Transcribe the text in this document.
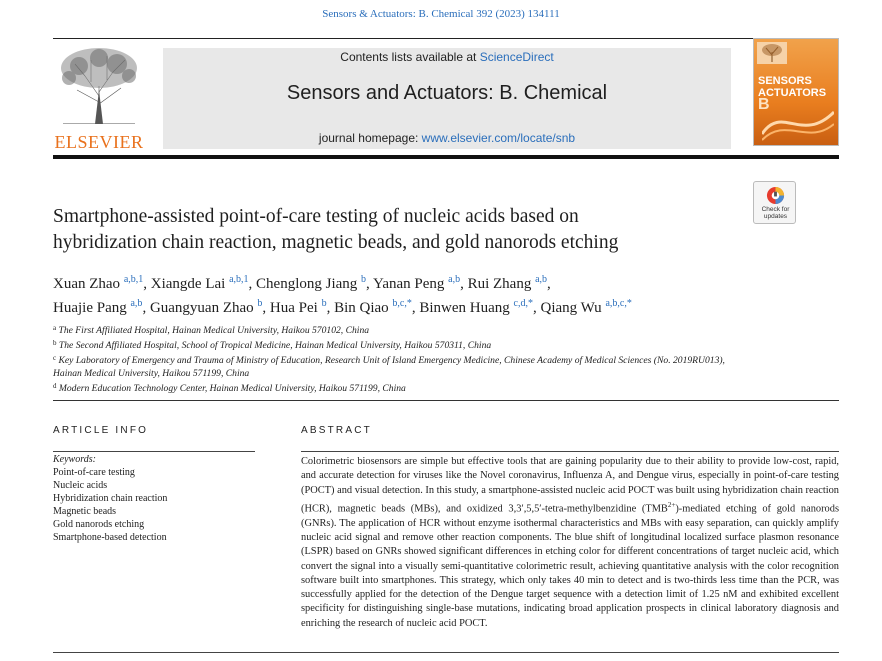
Sensors & Actuators: B. Chemical 392 (2023) 134111
ELSEVIER
Contents lists available at ScienceDirect
Sensors and Actuators: B. Chemical
journal homepage: www.elsevier.com/locate/snb
SENSORS
ACTUATORS B
Check for
updates
Smartphone-assisted point-of-care testing of nucleic acids based on
hybridization chain reaction, magnetic beads, and gold nanorods etching
Xuan Zhao $^{a,b,1}$, Xiangde Lai $^{a,b,1}$, Chenglong Jiang $^b$, Yanan Peng $^{a,b}$, Rui Zhang $^{a,b}$,
Huajie Pang $^{a,b}$, Guangyuan Zhao $^b$, Hua Pei $^b$, Bin Qiao $^{b,c,*}$, Binwen Huang $^{c,d,*}$, Qiang Wu $^{a,b,c,*}$
$^a$ The First Affiliated Hospital, Hainan Medical University, Haikou 570102, China
$^b$ The Second Affiliated Hospital, School of Tropical Medicine, Hainan Medical University, Haikou 570311, China
$^c$ Key Laboratory of Emergency and Trauma of Ministry of Education, Research Unit of Island Emergency Medicine, Chinese Academy of Medical Sciences (No. 2019RU013), Hainan Medical University, Haikou 571199, China
$^d$ Modern Education Technology Center, Hainan Medical University, Haikou 571199, China
ARTICLE INFO
Keywords:
Point-of-care testing
Nucleic acids
Hybridization chain reaction
Magnetic beads
Gold nanorods etching
Smartphone-based detection
ABSTRACT
Colorimetric biosensors are simple but effective tools that are gaining popularity due to their ability to provide low-cost, rapid, and accurate detection for viruses like the Novel coronavirus, Influenza A, and Dengue virus, especially in point-of-care testing (POCT) and visual detection. In this study, a smartphone-assisted nucleic acid POCT was built using hybridization chain reaction (HCR), magnetic beads (MBs), and oxidized 3,3′,5,5′-tetra-methylbenzidine $(TMB^{2+})$-mediated etching of gold nanorods (GNRs). The application of HCR without enzyme isothermal characteristics and MBs with easy separation, can quickly amplify nucleic acid signal and remove other reaction components. The blue shift of longitudinal localized surface plasmon resonance (LSPR) based on GNRs showed significant differences in etching color for different concentrations of target nucleic acid, which convert the signal into a visually semi-quantitative colorimetric result, achieving quantitative analysis with the color recognition software built into smartphones. This strategy, which only takes 40 min to detect and is two-thirds less time than the PCR, was successfully applied for the detection of the Dengue target sequence with a detection limit of 1.25 nM and exhibited excellent specificity for distinguishing single-base mutations, indicating broad application prospects in clinical laboratory diagnosis and enriching the research of nucleic acid POCT.
